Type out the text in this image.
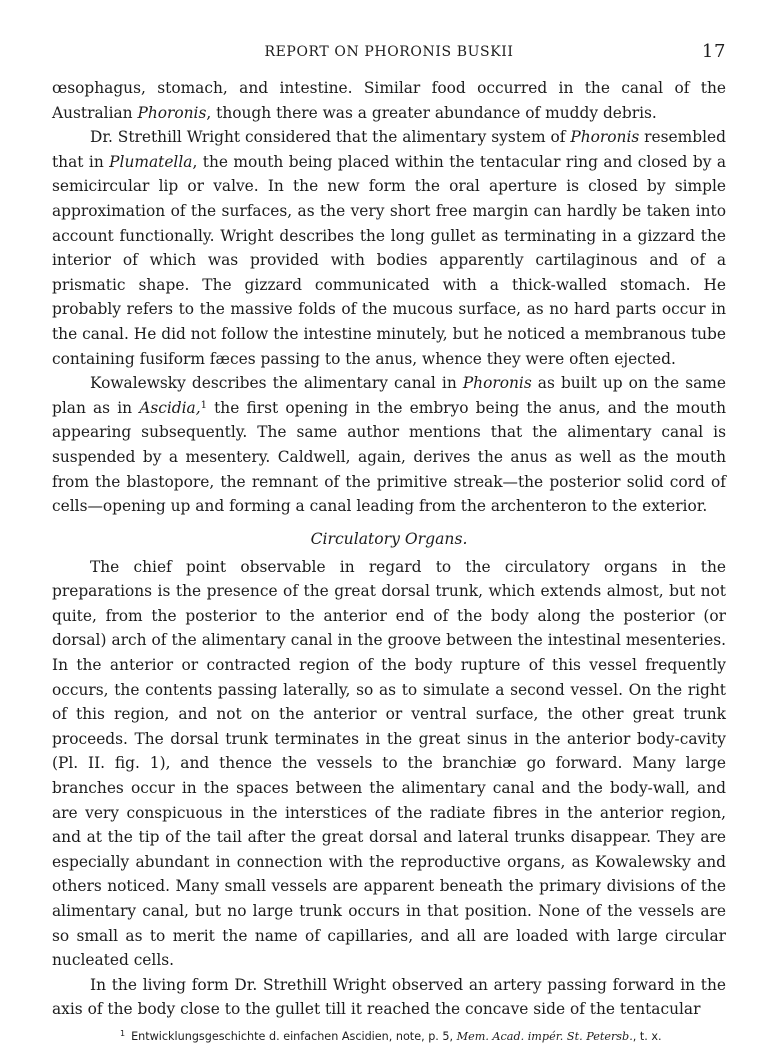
REPORT ON PHORONIS BUSKII	17

œsophagus, stomach, and intestine. Similar food occurred in the canal of the Australian Phoronis, though there was a greater abundance of muddy debris.

Dr. Strethill Wright considered that the alimentary system of Phoronis resembled that in Plumatella, the mouth being placed within the tentacular ring and closed by a semicircular lip or valve. In the new form the oral aperture is closed by simple approximation of the surfaces, as the very short free margin can hardly be taken into account functionally. Wright describes the long gullet as terminating in a gizzard the interior of which was provided with bodies apparently cartilaginous and of a prismatic shape. The gizzard communicated with a thick-walled stomach. He probably refers to the massive folds of the mucous surface, as no hard parts occur in the canal. He did not follow the intestine minutely, but he noticed a membranous tube containing fusiform fæces passing to the anus, whence they were often ejected.

Kowalewsky describes the alimentary canal in Phoronis as built up on the same plan as in Ascidia,$^1$ the first opening in the embryo being the anus, and the mouth appearing subsequently. The same author mentions that the alimentary canal is suspended by a mesentery. Caldwell, again, derives the anus as well as the mouth from the blastopore, the remnant of the primitive streak—the posterior solid cord of cells—opening up and forming a canal leading from the archenteron to the exterior.

Circulatory Organs.

The chief point observable in regard to the circulatory organs in the preparations is the presence of the great dorsal trunk, which extends almost, but not quite, from the posterior to the anterior end of the body along the posterior (or dorsal) arch of the alimentary canal in the groove between the intestinal mesenteries. In the anterior or contracted region of the body rupture of this vessel frequently occurs, the contents passing laterally, so as to simulate a second vessel. On the right of this region, and not on the anterior or ventral surface, the other great trunk proceeds. The dorsal trunk terminates in the great sinus in the anterior body-cavity (Pl. II. fig. 1), and thence the vessels to the branchiæ go forward. Many large branches occur in the spaces between the alimentary canal and the body-wall, and are very conspicuous in the interstices of the radiate fibres in the anterior region, and at the tip of the tail after the great dorsal and lateral trunks disappear. They are especially abundant in connection with the reproductive organs, as Kowalewsky and others noticed. Many small vessels are apparent beneath the primary divisions of the alimentary canal, but no large trunk occurs in that position. None of the vessels are so small as to merit the name of capillaries, and all are loaded with large circular nucleated cells.

In the living form Dr. Strethill Wright observed an artery passing forward in the axis of the body close to the gullet till it reached the concave side of the tentacular

$^1$ Entwicklungsgeschichte d. einfachen Ascidien, note, p. 5, Mem. Acad. impér. St. Petersb., t. x.
